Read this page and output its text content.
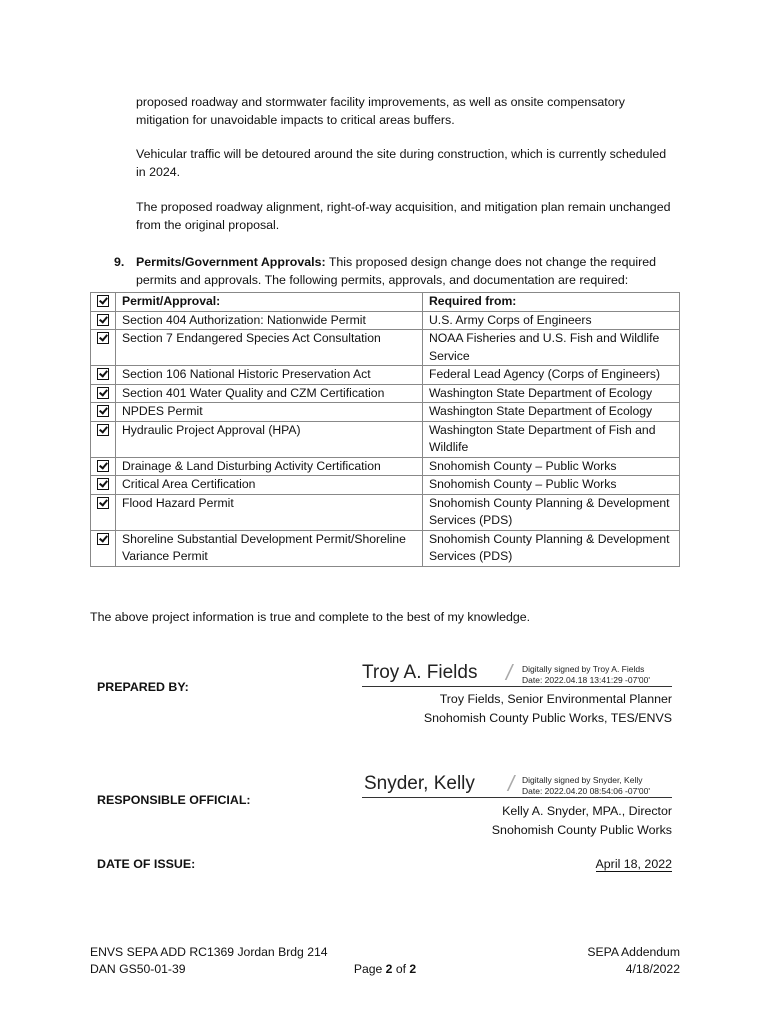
proposed roadway and stormwater facility improvements, as well as onsite compensatory mitigation for unavoidable impacts to critical areas buffers.

Vehicular traffic will be detoured around the site during construction, which is currently scheduled in 2024.

The proposed roadway alignment, right-of-way acquisition, and mitigation plan remain unchanged from the original proposal.

9. Permits/Government Approvals: This proposed design change does not change the required permits and approvals. The following permits, approvals, and documentation are required:
	Permit/Approval:	Required from:
	Section 404 Authorization: Nationwide Permit	U.S. Army Corps of Engineers
	Section 7 Endangered Species Act Consultation	NOAA Fisheries and U.S. Fish and Wildlife Service
	Section 106 National Historic Preservation Act	Federal Lead Agency (Corps of Engineers)
	Section 401 Water Quality and CZM Certification	Washington State Department of Ecology
	NPDES Permit	Washington State Department of Ecology
	Hydraulic Project Approval (HPA)	Washington State Department of Fish and Wildlife
	Drainage & Land Disturbing Activity Certification	Snohomish County – Public Works
	Critical Area Certification	Snohomish County – Public Works
	Flood Hazard Permit	Snohomish County Planning & Development Services (PDS)
	Shoreline Substantial Development Permit/Shoreline Variance Permit	Snohomish County Planning & Development Services (PDS)
The above project information is true and complete to the best of my knowledge.
PREPARED BY:
Troy A. Fields / Digitally signed by Troy A. Fields
Date: 2022.04.18 13:41:29 -07'00'
Troy Fields, Senior Environmental Planner
Snohomish County Public Works, TES/ENVS
RESPONSIBLE OFFICIAL:
Snyder, Kelly / Digitally signed by Snyder, Kelly
Date: 2022.04.20 08:54:06 -07'00'
Kelly A. Snyder, MPA., Director
Snohomish County Public Works
DATE OF ISSUE:	April 18, 2022
ENVS SEPA ADD RC1369 Jordan Brdg 214
DAN GS50-01-39	Page 2 of 2
SEPA Addendum
4/18/2022
